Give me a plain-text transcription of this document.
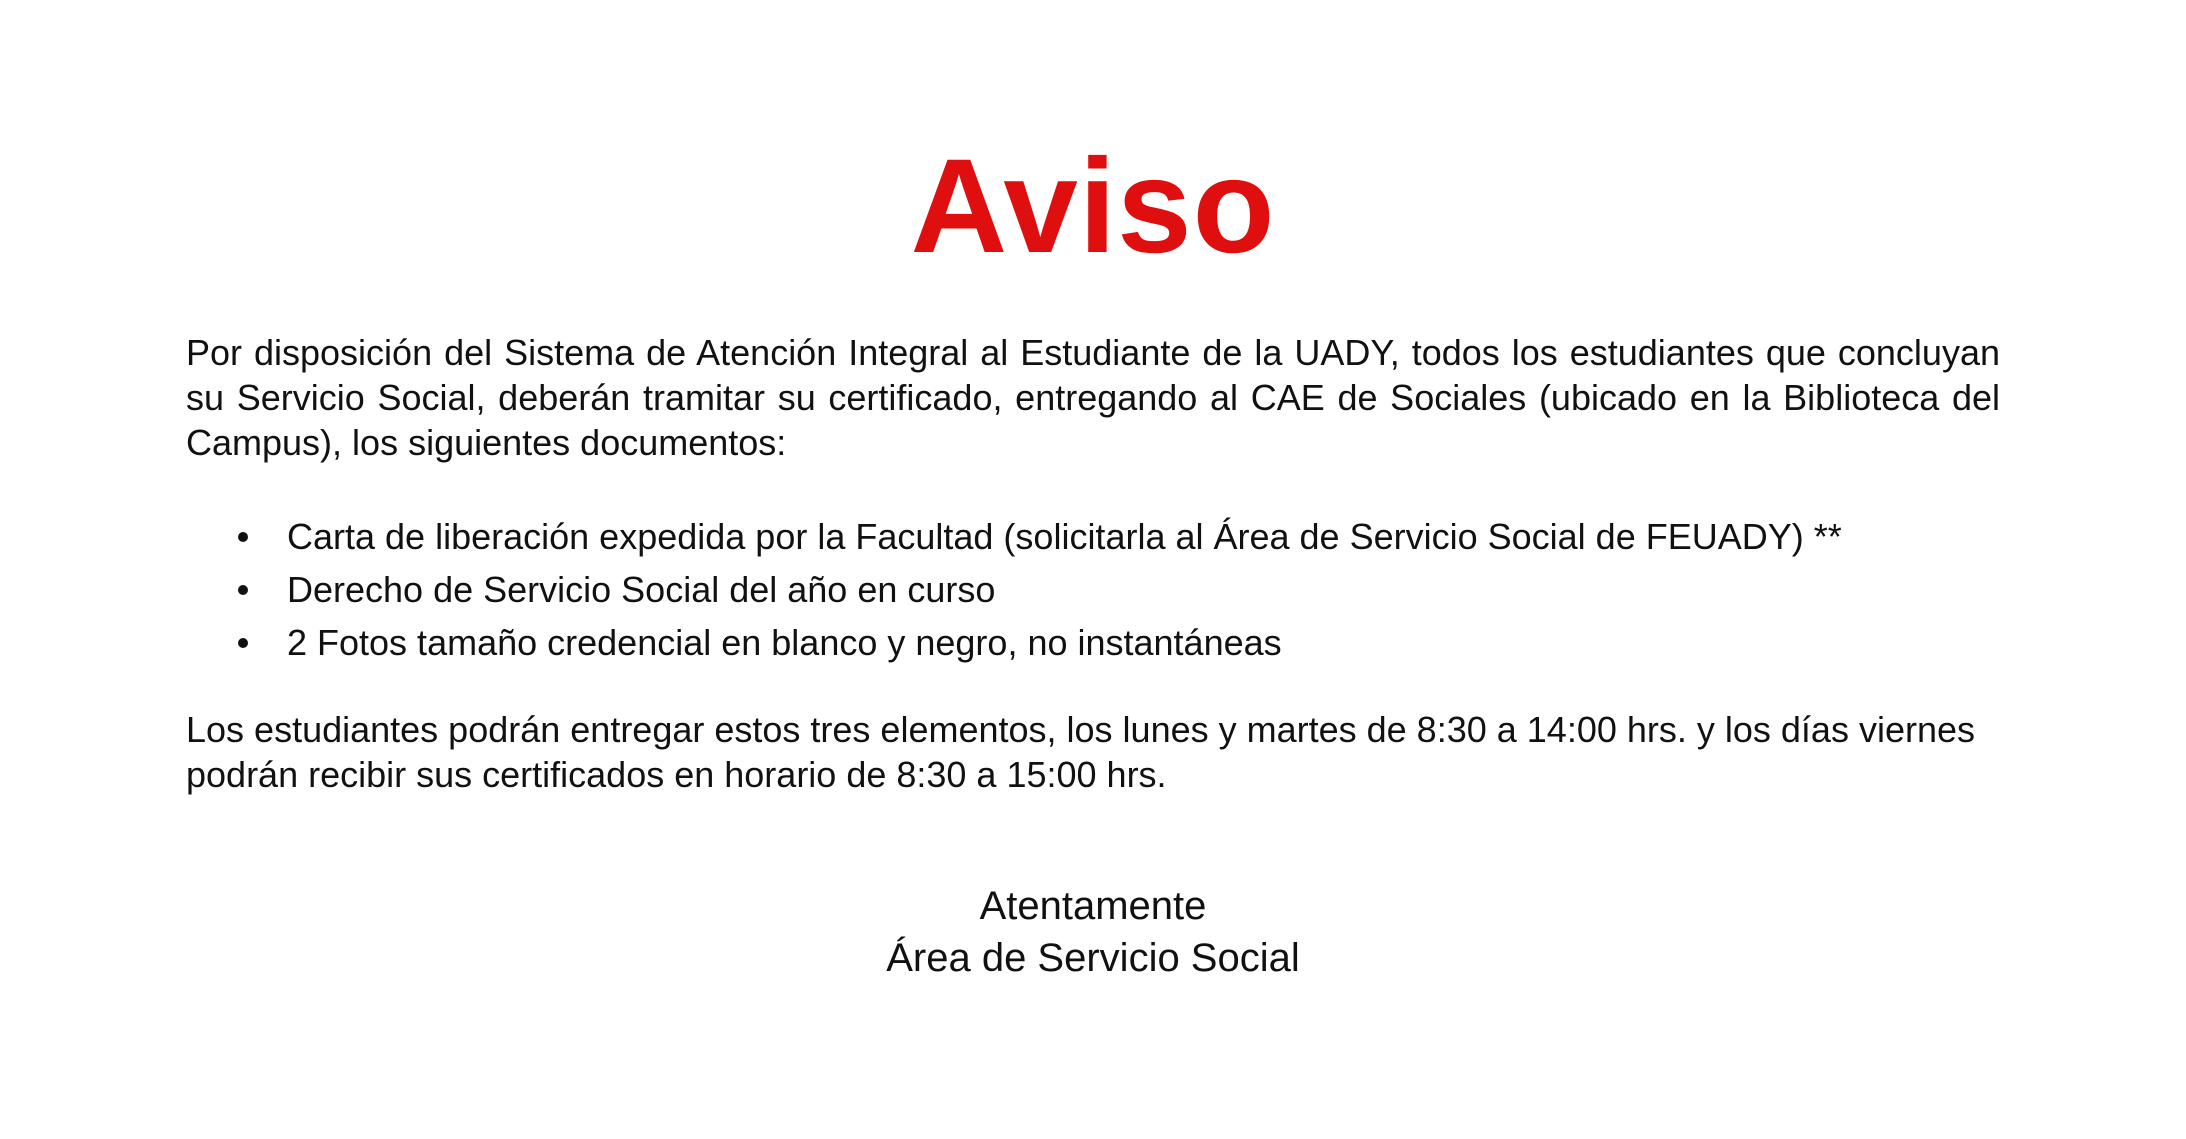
Aviso

Por disposición del Sistema de Atención Integral al Estudiante de la UADY, todos los estudiantes que concluyan su Servicio Social, deberán tramitar su certificado, entregando al CAE de Sociales (ubicado en la Biblioteca del Campus), los siguientes documentos:

Carta de liberación expedida por la Facultad (solicitarla al Área de Servicio Social de FEUADY) **
Derecho de Servicio Social del año en curso
2 Fotos tamaño credencial en blanco y negro, no instantáneas

Los estudiantes podrán entregar estos tres elementos, los lunes y martes de 8:30 a 14:00 hrs. y los días viernes podrán recibir sus certificados en horario de 8:30 a 15:00 hrs.

Atentamente
Área de Servicio Social
